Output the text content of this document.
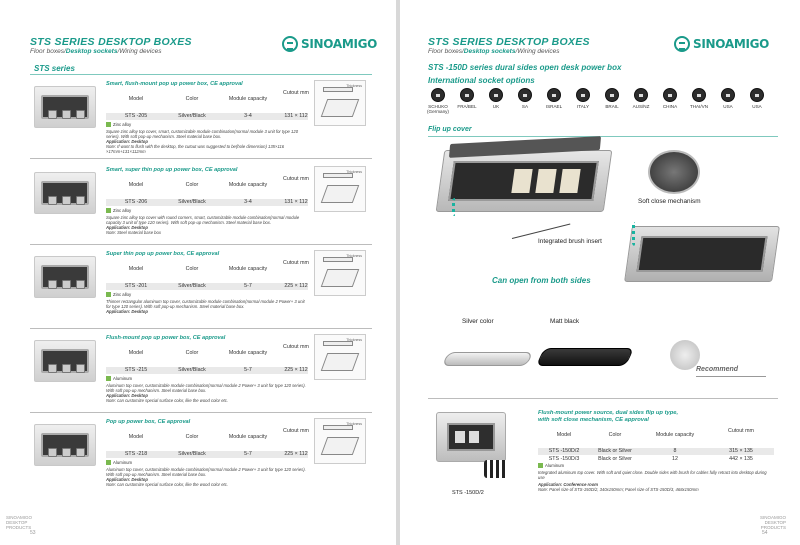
STS SERIES DESKTOP BOXES
Floor boxes/Desktop sockets/Wiring devices
SINOAMIGO
STS series
Smart, flush-mount pop up power box, CE approval
Model	Color	Module capacity
Cutout mm
STS -205	Silver/Black	3-4	131 × 112
Zinc alloy
Square zinc alloy top cover, smart, customizable module combination(normal module 3 unit for type 120 series). With soft pop-up mechanism. Steel material base box.
Application: Desktop
Note: If want to flush with the desktop, the cutout was suggested to be(hole dimension) 135×116 ×17mm+131×112mm
Thickness
Smart, super thin pop up power box, CE approval
Model	Color	Module capacity
Cutout mm
STS -206	Silver/Black	3-4	131 × 112
Zinc alloy
Square zinc alloy top cover with round corners, smart, customizable module combination(normal module capacity 3 unit of type 120 series). With soft pop-up mechanism. Steel material base box.
Application: Desktop
Note: Steel material base box
Thickness
Super thin pop up power box, CE approval
Model	Color	Module capacity
Cutout mm
STS -201	Silver/Black	5-7	225 × 112
Zinc alloy
Thinner rectangular aluminum top cover, customizable module combination(normal module 2 Power+ 3 unit for type 120 series). With soft pop-up mechanism. Steel material base box.
Application: Desktop
Thickness
Flush-mount pop up power box, CE approval
Model	Color	Module capacity
Cutout mm
STS -215	Silver/Black	5-7	225 × 112
Aluminum
Aluminum top cover, customizable module combination(normal module 2 Power+ 3 unit for type 120 series). With soft pop-up mechanism. Steel material base box.
Application: Desktop
Note: can customize special surface color, like the wood color etc.
Thickness
Pop up power box, CE approval
Model	Color	Module capacity
Cutout mm
STS -218	Silver/Black	5-7	225 × 112
Aluminum
Aluminum top cover, customizable module combination(normal module 2 Power+ 3 unit for type 120 series). With soft pop-up mechanism. Steel material base box.
Application: Desktop
Note: can customize special surface color, like the wood color etc.
Thickness
SINOAMIGO
DESKTOP
PRODUCTS
53
STS SERIES DESKTOP BOXES
Floor boxes/Desktop sockets/Wiring devices
SINOAMIGO
STS -150D series dural sides open desk power box
International socket options
SCHUKO (Germany)
FRA/BEL	UK	SA	ISRAEL	ITALY	BRAIL	AUS/NZ	CHINA	THAI/VN	USA	USA
Flip up cover
Soft close mechanism
Integrated brush insert
Can open from both sides
Silver color	Matt black
Recommend
STS -150D/2
Flush-mount power source, dual sides flip up type,
with soft close mechanism, CE approval
Model	Color	Module capacity
Cutout mm
STS -150D/2	Black or Silver	8	315 × 135
STS -150D/3	Black or Silver	12	442 × 135
Aluminum
Integrated aluminum top cover. With soft and quiet close. Double sides with brush for cables fully retract into desktop during use
Application: Conference room
Note: Panel size of STS-150D/2, 340x150mm; Panel size of STS-150D/3, 468x150mm
SINOAMIGO
DESKTOP
PRODUCTS
54
